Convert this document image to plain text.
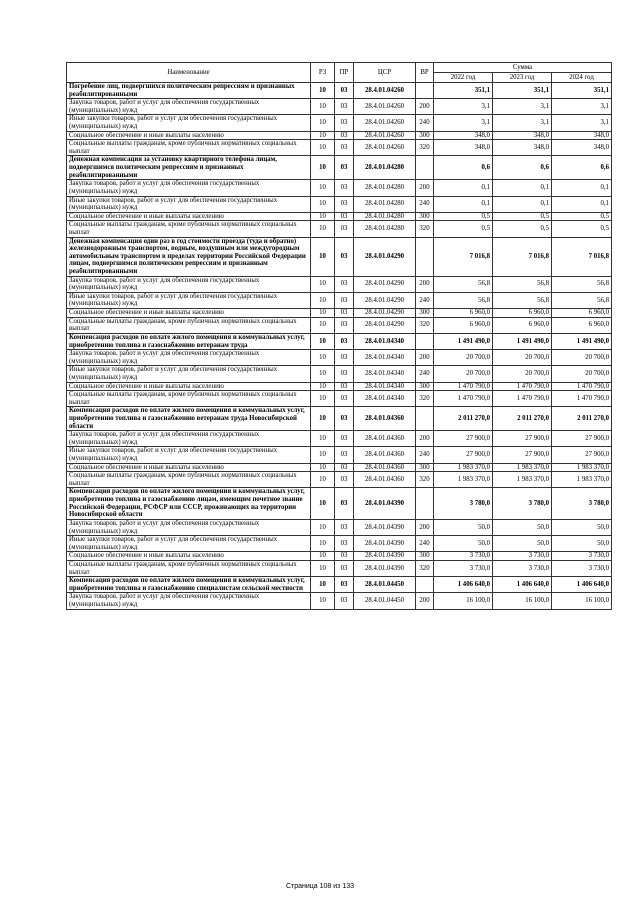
Наименование	РЗ	ПР	ЦСР	ВР	Сумма		
					2022 год	2023 год	2024 год
Погребение лиц, подвергшихся политическим репрессиям и признанных реабилитированными	10	03	28.4.01.04260		351,1	351,1	351,1
Закупка товаров, работ и услуг для обеспечения государственных (муниципальных) нужд	10	03	28.4.01.04260	200	3,1	3,1	3,1
Иные закупки товаров, работ и услуг для обеспечения государственных (муниципальных) нужд	10	03	28.4.01.04260	240	3,1	3,1	3,1
Социальное обеспечение и иные выплаты населению	10	03	28.4.01.04260	300	348,0	348,0	348,0
Социальные выплаты гражданам, кроме публичных нормативных социальных выплат	10	03	28.4.01.04260	320	348,0	348,0	348,0
Денежная компенсация за установку квартирного телефона лицам, подвергшимся политическим репрессиям и признанных реабилитированными	10	03	28.4.01.04280		0,6	0,6	0,6
Закупка товаров, работ и услуг для обеспечения государственных (муниципальных) нужд	10	03	28.4.01.04280	200	0,1	0,1	0,1
Иные закупки товаров, работ и услуг для обеспечения государственных (муниципальных) нужд	10	03	28.4.01.04280	240	0,1	0,1	0,1
Социальное обеспечение и иные выплаты населению	10	03	28.4.01.04280	300	0,5	0,5	0,5
Социальные выплаты гражданам, кроме публичных нормативных социальных выплат	10	03	28.4.01.04280	320	0,5	0,5	0,5
Денежная компенсация один раз в год стоимости проезда (туда и обратно) железнодорожным транспортом, водным, воздушным или междугородным автомобильным транспортом в пределах территории Российской Федерации лицам, подвергшимся политическим репрессиям и признанным реабилитированными	10	03	28.4.01.04290		7 016,8	7 016,8	7 016,8
Закупка товаров, работ и услуг для обеспечения государственных (муниципальных) нужд	10	03	28.4.01.04290	200	56,8	56,8	56,8
Иные закупки товаров, работ и услуг для обеспечения государственных (муниципальных) нужд	10	03	28.4.01.04290	240	56,8	56,8	56,8
Социальное обеспечение и иные выплаты населению	10	03	28.4.01.04290	300	6 960,0	6 960,0	6 960,0
Социальные выплаты гражданам, кроме публичных нормативных социальных выплат	10	03	28.4.01.04290	320	6 960,0	6 960,0	6 960,0
Компенсация расходов по оплате жилого помещения и коммунальных услуг, приобретению топлива и газоснабжению ветеранам труда	10	03	28.4.01.04340		1 491 490,0	1 491 490,0	1 491 490,0
Закупка товаров, работ и услуг для обеспечения государственных (муниципальных) нужд	10	03	28.4.01.04340	200	20 700,0	20 700,0	20 700,0
Иные закупки товаров, работ и услуг для обеспечения государственных (муниципальных) нужд	10	03	28.4.01.04340	240	20 700,0	20 700,0	20 700,0
Социальное обеспечение и иные выплаты населению	10	03	28.4.01.04340	300	1 470 790,0	1 470 790,0	1 470 790,0
Социальные выплаты гражданам, кроме публичных нормативных социальных выплат	10	03	28.4.01.04340	320	1 470 790,0	1 470 790,0	1 470 790,0
Компенсация расходов по оплате жилого помещения и коммунальных услуг, приобретению топлива и газоснабжению ветеранам труда Новосибирской области	10	03	28.4.01.04360		2 011 270,0	2 011 270,0	2 011 270,0
Закупка товаров, работ и услуг для обеспечения государственных (муниципальных) нужд	10	03	28.4.01.04360	200	27 900,0	27 900,0	27 900,0
Иные закупки товаров, работ и услуг для обеспечения государственных (муниципальных) нужд	10	03	28.4.01.04360	240	27 900,0	27 900,0	27 900,0
Социальное обеспечение и иные выплаты населению	10	03	28.4.01.04360	300	1 983 370,0	1 983 370,0	1 983 370,0
Социальные выплаты гражданам, кроме публичных нормативных социальных выплат	10	03	28.4.01.04360	320	1 983 370,0	1 983 370,0	1 983 370,0
Компенсация расходов по оплате жилого помещения и коммунальных услуг, приобретению топлива и газоснабжению лицам, имеющим почетное звание Российской Федерации, РСФСР или СССР, проживающих на территории Новосибирской области	10	03	28.4.01.04390		3 780,0	3 780,0	3 780,0
Закупка товаров, работ и услуг для обеспечения государственных (муниципальных) нужд	10	03	28.4.01.04390	200	50,0	50,0	50,0
Иные закупки товаров, работ и услуг для обеспечения государственных (муниципальных) нужд	10	03	28.4.01.04390	240	50,0	50,0	50,0
Социальное обеспечение и иные выплаты населению	10	03	28.4.01.04390	300	3 730,0	3 730,0	3 730,0
Социальные выплаты гражданам, кроме публичных нормативных социальных выплат	10	03	28.4.01.04390	320	3 730,0	3 730,0	3 730,0
Компенсация расходов по оплате жилого помещения и коммунальных услуг, приобретению топлива и газоснабжению специалистам сельской местности	10	03	28.4.01.04450		1 406 640,0	1 406 640,0	1 406 640,0
Закупка товаров, работ и услуг для обеспечения государственных (муниципальных) нужд	10	03	28.4.01.04450	200	16 100,0	16 100,0	16 100,0
Страница 108 из 133
